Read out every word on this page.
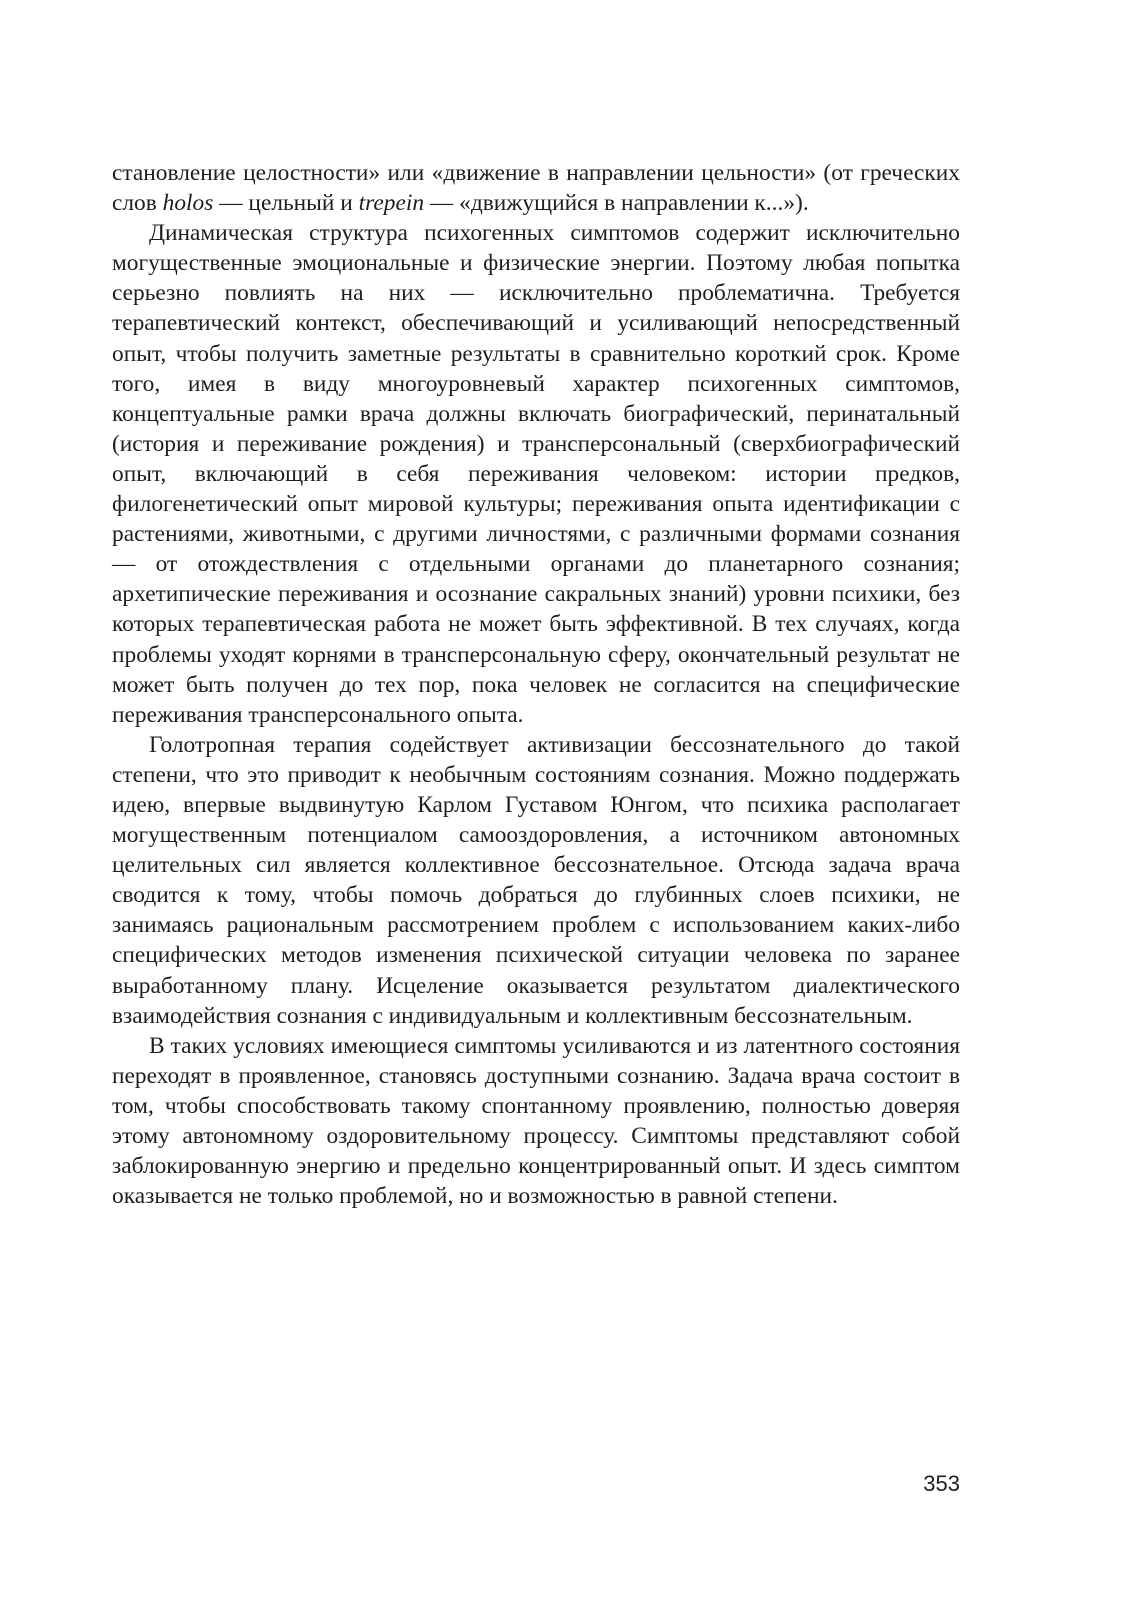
становление целостности» или «движение в направлении цельности» (от греческих слов holos — цельный и trepein — «движущийся в направлении к...»).

Динамическая структура психогенных симптомов содержит исключительно могущественные эмоциональные и физические энергии. Поэтому любая попытка серьезно повлиять на них — исключительно проблематична. Требуется терапевтический контекст, обеспечивающий и усиливающий непосредственный опыт, чтобы получить заметные результаты в сравнительно короткий срок. Кроме того, имея в виду многоуровневый характер психогенных симптомов, концептуальные рамки врача должны включать биографический, перинатальный (история и переживание рождения) и трансперсональный (сверхбиографический опыт, включающий в себя переживания человеком: истории предков, филогенетический опыт мировой культуры; переживания опыта идентификации с растениями, животными, с другими личностями, с различными формами сознания — от отождествления с отдельными органами до планетарного сознания; архетипические переживания и осознание сакральных знаний) уровни психики, без которых терапевтическая работа не может быть эффективной. В тех случаях, когда проблемы уходят корнями в трансперсональную сферу, окончательный результат не может быть получен до тех пор, пока человек не согласится на специфические переживания трансперсонального опыта.

Голотропная терапия содействует активизации бессознательного до такой степени, что это приводит к необычным состояниям сознания. Можно поддержать идею, впервые выдвинутую Карлом Густавом Юнгом, что психика располагает могущественным потенциалом самооздоровления, а источником автономных целительных сил является коллективное бессознательное. Отсюда задача врача сводится к тому, чтобы помочь добраться до глубинных слоев психики, не занимаясь рациональным рассмотрением проблем с использованием каких-либо специфических методов изменения психической ситуации человека по заранее выработанному плану. Исцеление оказывается результатом диалектического взаимодействия сознания с индивидуальным и коллективным бессознательным.

В таких условиях имеющиеся симптомы усиливаются и из латентного состояния переходят в проявленное, становясь доступными сознанию. Задача врача состоит в том, чтобы способствовать такому спонтанному проявлению, полностью доверяя этому автономному оздоровительному процессу. Симптомы представляют собой заблокированную энергию и предельно концентрированный опыт. И здесь симптом оказывается не только проблемой, но и возможностью в равной степени.

353
